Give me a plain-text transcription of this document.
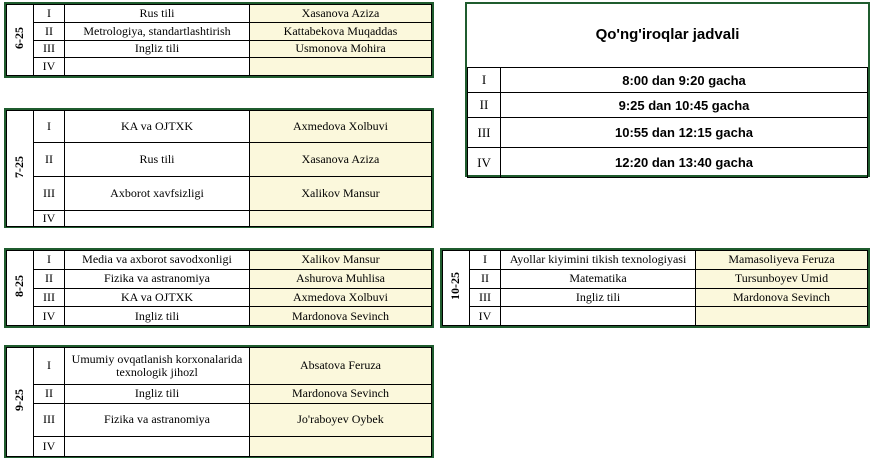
6-25	I	Rus tili	Xasanova Aziza
	II	Metrologiya, standartlashtirish	Kattabekova Muqaddas
	III	Ingliz tili	Usmonova Mohira
	IV		
7-25	I	KA va OJTXK	Axmedova Xolbuvi
	II	Rus tili	Xasanova Aziza
	III	Axborot xavfsizligi	Xalikov Mansur
	IV		
8-25	I	Media va axborot savodxonligi	Xalikov Mansur
	II	Fizika va astranomiya	Ashurova Muhlisa
	III	KA va OJTXK	Axmedova Xolbuvi
	IV	Ingliz tili	Mardonova Sevinch
9-25	I	Umumiy ovqatlanish korxonalarida texnologik jihozl	Absatova Feruza
	II	Ingliz tili	Mardonova Sevinch
	III	Fizika va astranomiya	Jo'raboyev Oybek
	IV		
10-25	I	Ayollar kiyimini tikish texnologiyasi	Mamasoliyeva Feruza
	II	Matematika	Tursunboyev Umid
	III	Ingliz tili	Mardonova Sevinch
	IV		
Qo'ng'iroqlar jadvali
I	8:00 dan 9:20 gacha
II	9:25 dan 10:45 gacha
III	10:55 dan 12:15 gacha
IV	12:20 dan 13:40 gacha
